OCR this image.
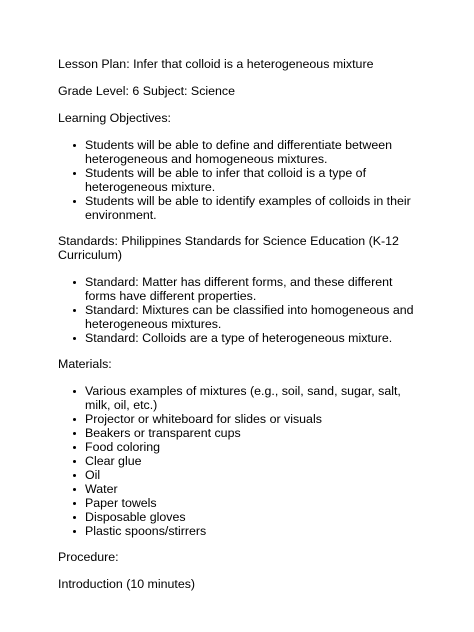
Lesson Plan: Infer that colloid is a heterogeneous mixture

Grade Level: 6 Subject: Science

Learning Objectives:

Students will be able to define and differentiate between heterogeneous and homogeneous mixtures.
Students will be able to infer that colloid is a type of heterogeneous mixture.
Students will be able to identify examples of colloids in their environment.

Standards: Philippines Standards for Science Education (K-12 Curriculum)

Standard: Matter has different forms, and these different forms have different properties.
Standard: Mixtures can be classified into homogeneous and heterogeneous mixtures.
Standard: Colloids are a type of heterogeneous mixture.

Materials:

Various examples of mixtures (e.g., soil, sand, sugar, salt, milk, oil, etc.)
Projector or whiteboard for slides or visuals
Beakers or transparent cups
Food coloring
Clear glue
Oil
Water
Paper towels
Disposable gloves
Plastic spoons/stirrers

Procedure:

Introduction (10 minutes)
